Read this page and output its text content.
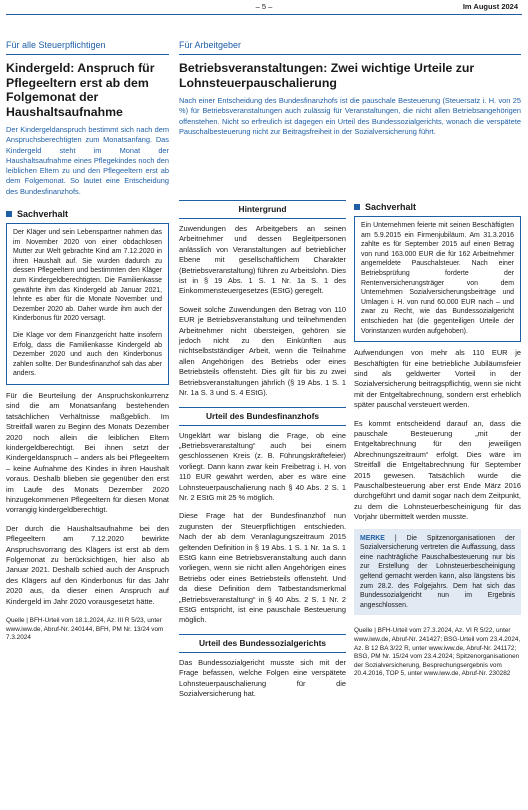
– 5 –	Im August 2024
Für alle Steuerpflichtigen
Kindergeld: Anspruch für Pflegeeltern erst ab dem Folgemonat der Haushaltsaufnahme

Der Kindergeldanspruch bestimmt sich nach dem Anspruchsberechtigten zum Monatsanfang. Das Kindergeld steht im Monat der Haushaltsaufnahme eines Pflegekindes noch den leiblichen Eltern zu und den Pflegeeltern erst ab dem Folgemonat. So lautet eine Entscheidung des Bundesfinanzhofs.

Sachverhalt

Der Kläger und sein Lebenspartner nahmen das im November 2020 von einer obdachlosen Mutter zur Welt gebrachte Kind am 7.12.2020 in ihren Haushalt auf. Sie wurden dadurch zu dessen Pflegeeltern und bestimmten den Kläger zum Kindergeldberechtigten. Die Familienkasse gewährte ihm das Kindergeld ab Januar 2021, lehnte es aber für die Monate November und Dezember 2020 ab. Daher wurde ihm auch der Kinderbonus für 2020 versagt.

Die Klage vor dem Finanzgericht hatte insofern Erfolg, dass die Familienkasse Kindergeld ab Dezember 2020 und auch den Kinderbonus zahlen sollte. Der Bundesfinanzhof sah das aber anders.

Für die Beurteilung der Anspruchskonkurrenz sind die am Monatsanfang bestehenden tatsächlichen Verhältnisse maßgeblich. Im Streitfall waren zu Beginn des Monats Dezember 2020 noch allein die leiblichen Eltern kindergeldberechtigt. Bei ihnen setzt der Kindergeldanspruch – anders als bei Pflegeeltern – keine Aufnahme des Kindes in ihren Haushalt voraus. Deshalb blieben sie gegenüber den erst im Laufe des Monats Dezember 2020 hinzugekommenen Pflegeeltern für diesen Monat vorrangig kindergeldberechtigt.

Der durch die Haushaltsaufnahme bei den Pflegeeltern am 7.12.2020 bewirkte Anspruchsvorrang des Klägers ist erst ab dem Folgemonat zu berücksichtigen, hier also ab Januar 2021. Deshalb schied auch der Anspruch des Klägers auf den Kinderbonus für das Jahr 2020 aus, da dieser einen Anspruch auf Kindergeld im Jahr 2020 vorausgesetzt hätte.

Quelle | BFH-Urteil vom 18.1.2024, Az. III R 5/23, unter www.iww.de, Abruf-Nr. 240144, BFH, PM Nr. 13/24 vom 7.3.2024

Für Arbeitgeber
Betriebsveranstaltungen: Zwei wichtige Urteile zur Lohnsteuerpauschalierung

Nach einer Entscheidung des Bundesfinanzhofs ist die pauschale Besteuerung (Steuersatz i. H. von 25 %) für Betriebsveranstaltungen auch zulässig für Veranstaltungen, die nicht allen Betriebsangehörigen offenstehen. Nicht so erfreulich ist dagegen ein Urteil des Bundessozialgerichts, wonach die verspätete Pauschalbesteuerung nicht zur Beitragsfreiheit in der Sozialversicherung führt.

Hintergrund

Zuwendungen des Arbeitgebers an seinen Arbeitnehmer und dessen Begleitpersonen anlässlich von Veranstaltungen auf betrieblicher Ebene mit gesellschaftlichem Charakter (Betriebsveranstaltung) führen zu Arbeitslohn. Dies ist in § 19 Abs. 1 S. 1 Nr. 1a S. 1 des Einkommensteuergesetzes (EStG) geregelt.

Soweit solche Zuwendungen den Betrag von 110 EUR je Betriebsveranstaltung und teilnehmenden Arbeitnehmer nicht übersteigen, gehören sie jedoch nicht zu den Einkünften aus nichtselbstständiger Arbeit, wenn die Teilnahme allen Angehörigen des Betriebs oder eines Betriebsteils offensteht. Dies gilt für bis zu zwei Betriebsveranstaltungen jährlich (§ 19 Abs. 1 S. 1 Nr. 1a S. 3 und S. 4 EStG).

Urteil des Bundesfinanzhofs

Ungeklärt war bislang die Frage, ob eine „Betriebsveranstaltung“ auch bei einem geschlossenen Kreis (z. B. Führungskräftefeier) vorliegt. Dann kann zwar kein Freibetrag i. H. von 110 EUR gewährt werden, aber es wäre eine Lohnsteuerpauschalierung nach § 40 Abs. 2 S. 1 Nr. 2 EStG mit 25 % möglich.

Diese Frage hat der Bundesfinanzhof nun zugunsten der Steuerpflichtigen entschieden. Nach der ab dem Veranlagungszeitraum 2015 geltenden Definition in § 19 Abs. 1 S. 1 Nr. 1a S. 1 EStG kann eine Betriebsveranstaltung auch dann vorliegen, wenn sie nicht allen Angehörigen eines Betriebs oder eines Betriebsteils offensteht. Und da diese Definition dem Tatbestandsmerkmal „Betriebsveranstaltung“ in § 40 Abs. 2 S. 1 Nr. 2 EStG entspricht, ist eine pauschale Besteuerung möglich.

Urteil des Bundessozialgerichts

Das Bundessozialgericht musste sich mit der Frage befassen, welche Folgen eine verspätete Lohnsteuerpauschalierung für die Sozialversicherung hat.

Sachverhalt

Ein Unternehmen feierte mit seinen Beschäftigten am 5.9.2015 ein Firmenjubiläum. Am 31.3.2016 zahlte es für September 2015 auf einen Betrag von rund 163.000 EUR die für 162 Arbeitnehmer angemeldete Pauschalsteuer. Nach einer Betriebsprüfung forderte der Rentenversicherungsträger von dem Unternehmen Sozialversicherungsbeiträge und Umlagen i. H. von rund 60.000 EUR nach – und zwar zu Recht, wie das Bundessozialgericht entschieden hat (die gegenteiligen Urteile der Vorinstanzen wurden aufgehoben).

Aufwendungen von mehr als 110 EUR je Beschäftigten für eine betriebliche Jubiläumsfeier sind als geldwerter Vorteil in der Sozialversicherung beitragspflichtig, wenn sie nicht mit der Entgeltabrechnung, sondern erst erheblich später pauschal versteuert werden.

Es kommt entscheidend darauf an, dass die pauschale Besteuerung „mit der Entgeltabrechnung für den jeweiligen Abrechnungszeitraum“ erfolgt. Dies wäre im Streitfall die Entgeltabrechnung für September 2015 gewesen. Tatsächlich wurde die Pauschalbesteuerung aber erst Ende März 2016 durchgeführt und damit sogar nach dem Zeitpunkt, zu dem die Lohnsteuerbescheinigung für das Vorjahr übermittelt werden musste.

MERKE | Die Spitzenorganisationen der Sozialversicherung vertreten die Auffassung, dass eine nachträgliche Pauschalbesteuerung nur bis zur Erstellung der Lohnsteuerbescheinigung geltend gemacht werden kann, also längstens bis zum 28.2. des Folgejahrs. Dem hat sich das Bundessozialgericht nun im Ergebnis angeschlossen.

Quelle | BFH-Urteil vom 27.3.2024, Az. VI R 5/22, unter www.iww.de, Abruf-Nr. 241427; BSG-Urteil vom 23.4.2024, Az. B 12 BA 3/22 R, unter www.iww.de, Abruf-Nr. 241172; BSG, PM Nr. 15/24 vom 23.4.2024; Spitzenorganisationen der Sozialversicherung, Besprechungsergebnis vom 20.4.2016, TOP 5, unter www.iww.de, Abruf-Nr. 230282
